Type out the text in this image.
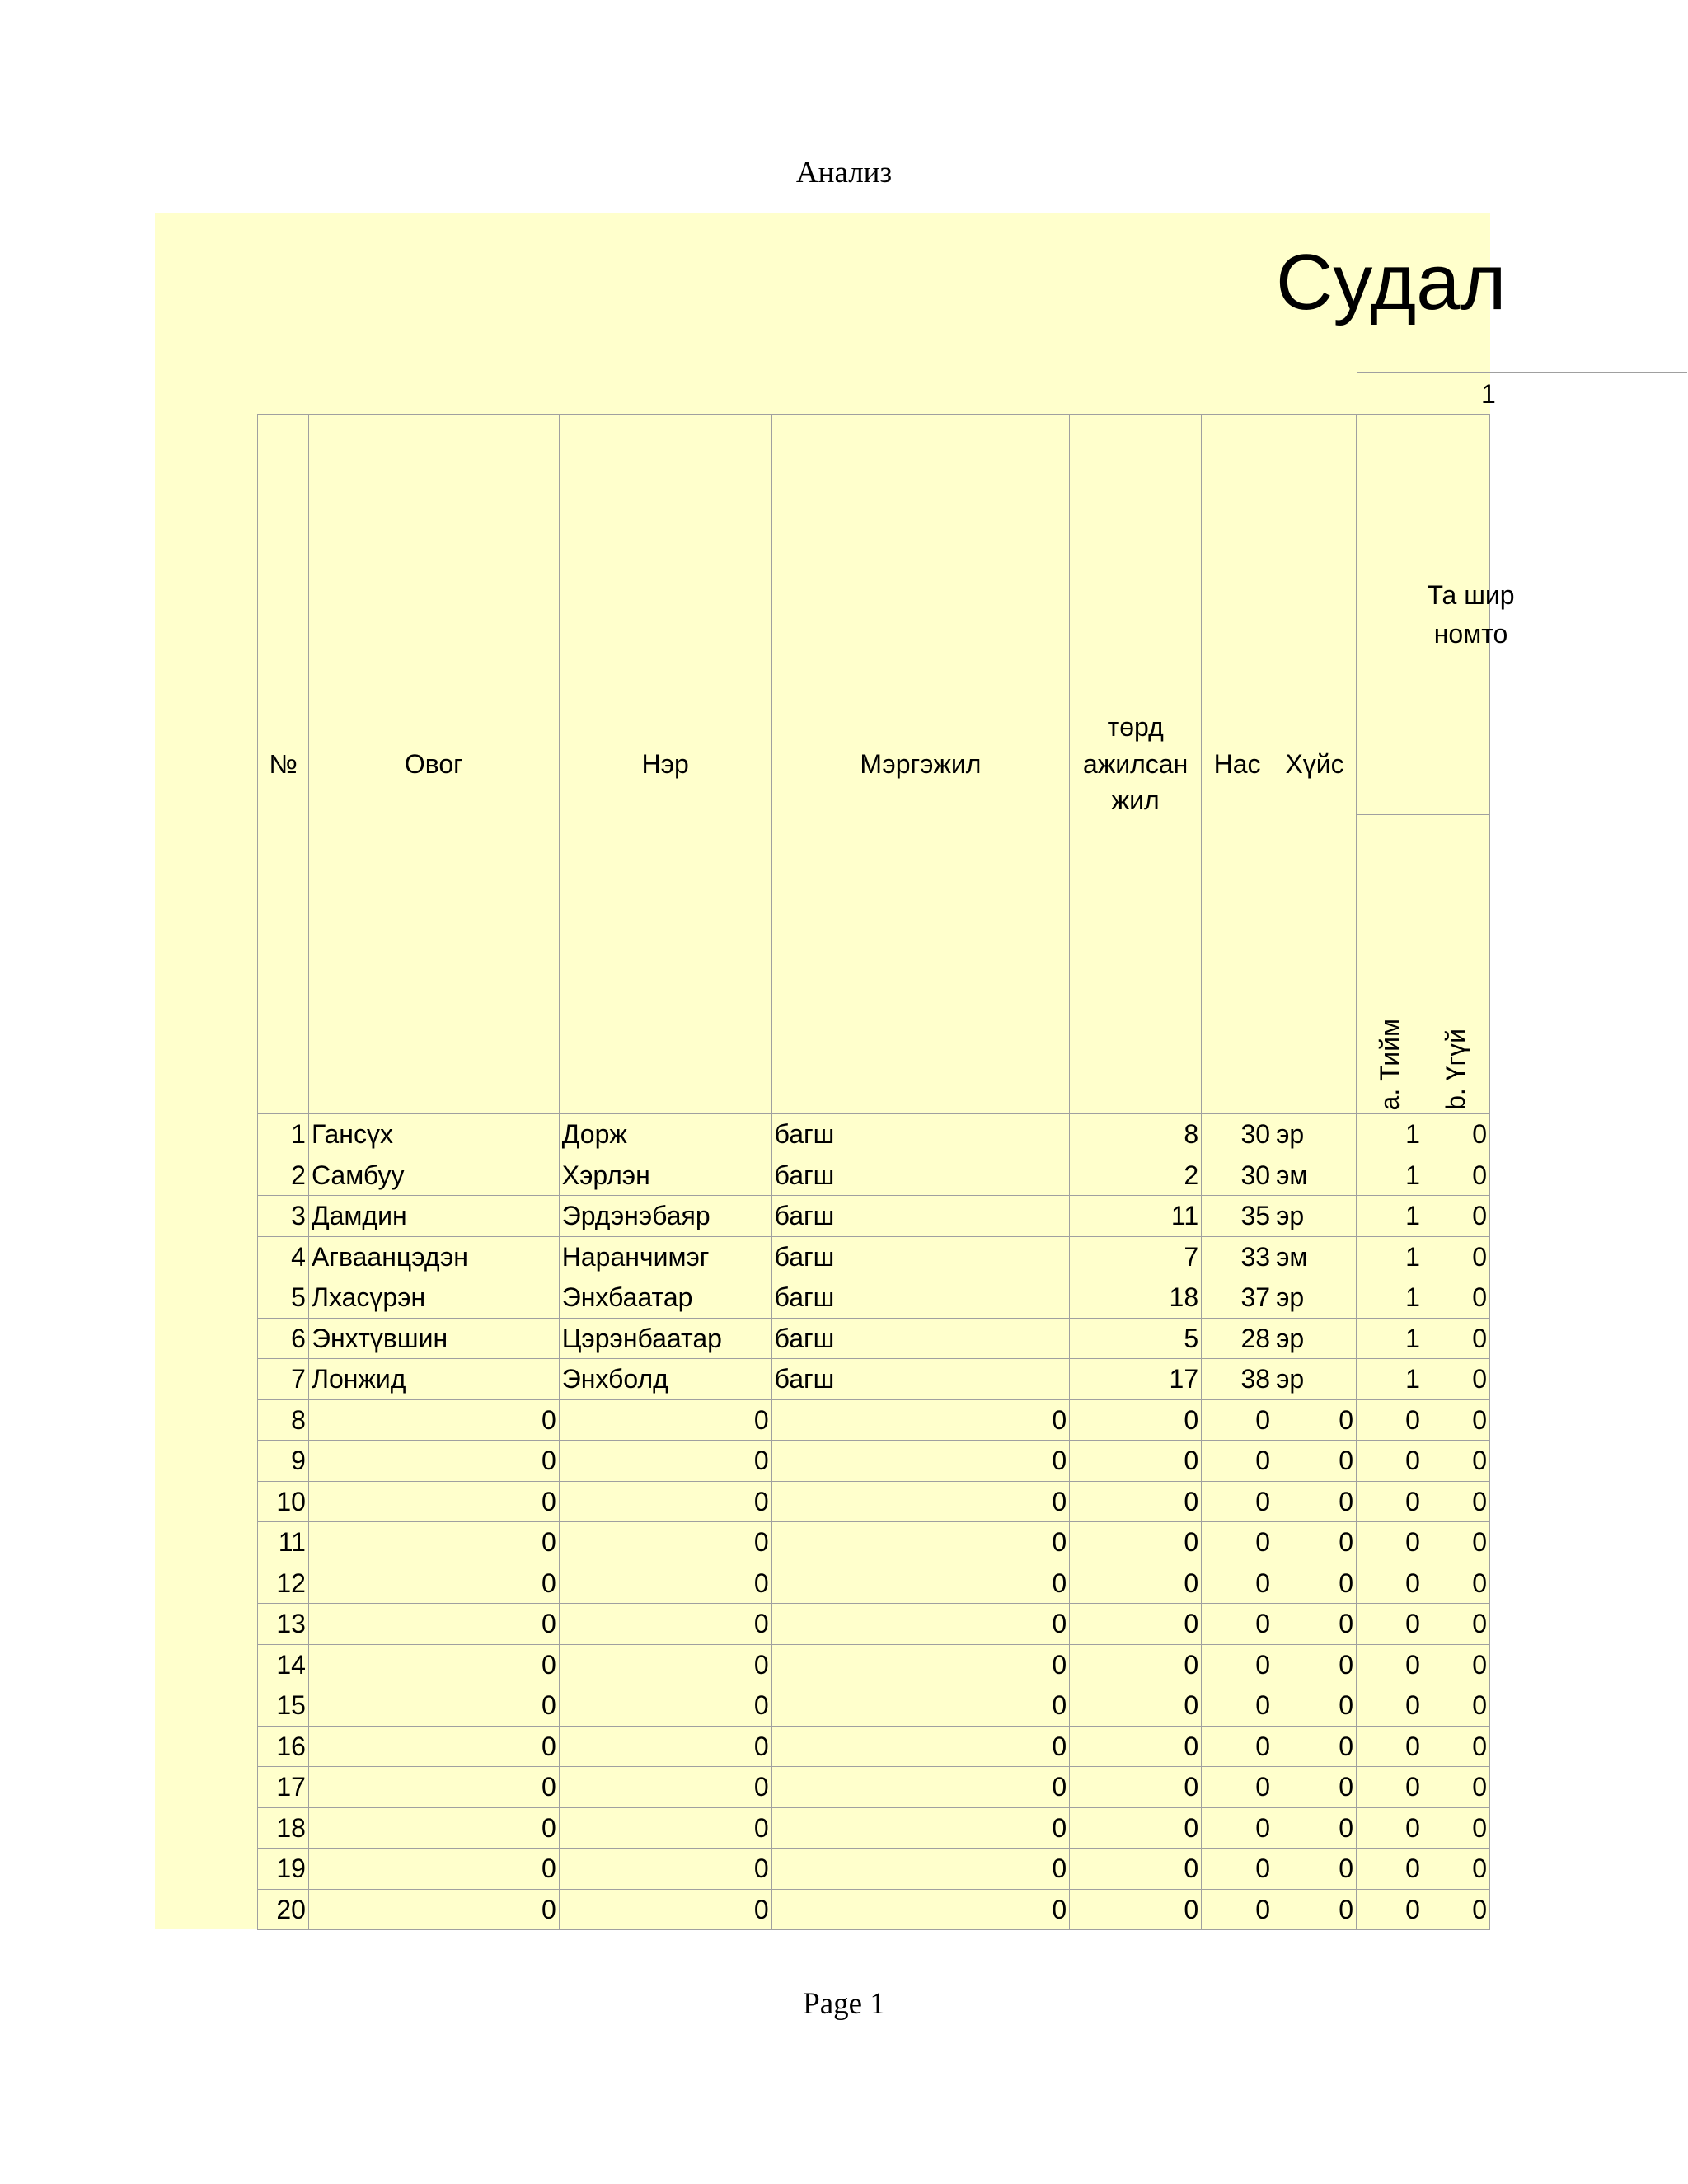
Анализ
Судал
1
№	Овог	Нэр	Мэргэжил	төрд
ажилсан
жил	Нас	Хүйс	Та шир
номто	

							a. Тийм	b. Үгүй

1	Гансүх	Дорж	багш	8	30	эр	1	0
2	Самбуу	Хэрлэн	багш	2	30	эм	1	0
3	Дамдин	Эрдэнэбаяр	багш	11	35	эр	1	0
4	Агваанцэдэн	Наранчимэг	багш	7	33	эм	1	0
5	Лхасүрэн	Энхбаатар	багш	18	37	эр	1	0
6	Энхтүвшин	Цэрэнбаатар	багш	5	28	эр	1	0
7	Лонжид	Энхболд	багш	17	38	эр	1	0
8	0	0	0	0	0	0	0	0
9	0	0	0	0	0	0	0	0
10	0	0	0	0	0	0	0	0
11	0	0	0	0	0	0	0	0
12	0	0	0	0	0	0	0	0
13	0	0	0	0	0	0	0	0
14	0	0	0	0	0	0	0	0
15	0	0	0	0	0	0	0	0
16	0	0	0	0	0	0	0	0
17	0	0	0	0	0	0	0	0
18	0	0	0	0	0	0	0	0
19	0	0	0	0	0	0	0	0
20	0	0	0	0	0	0	0	0
Page 1
